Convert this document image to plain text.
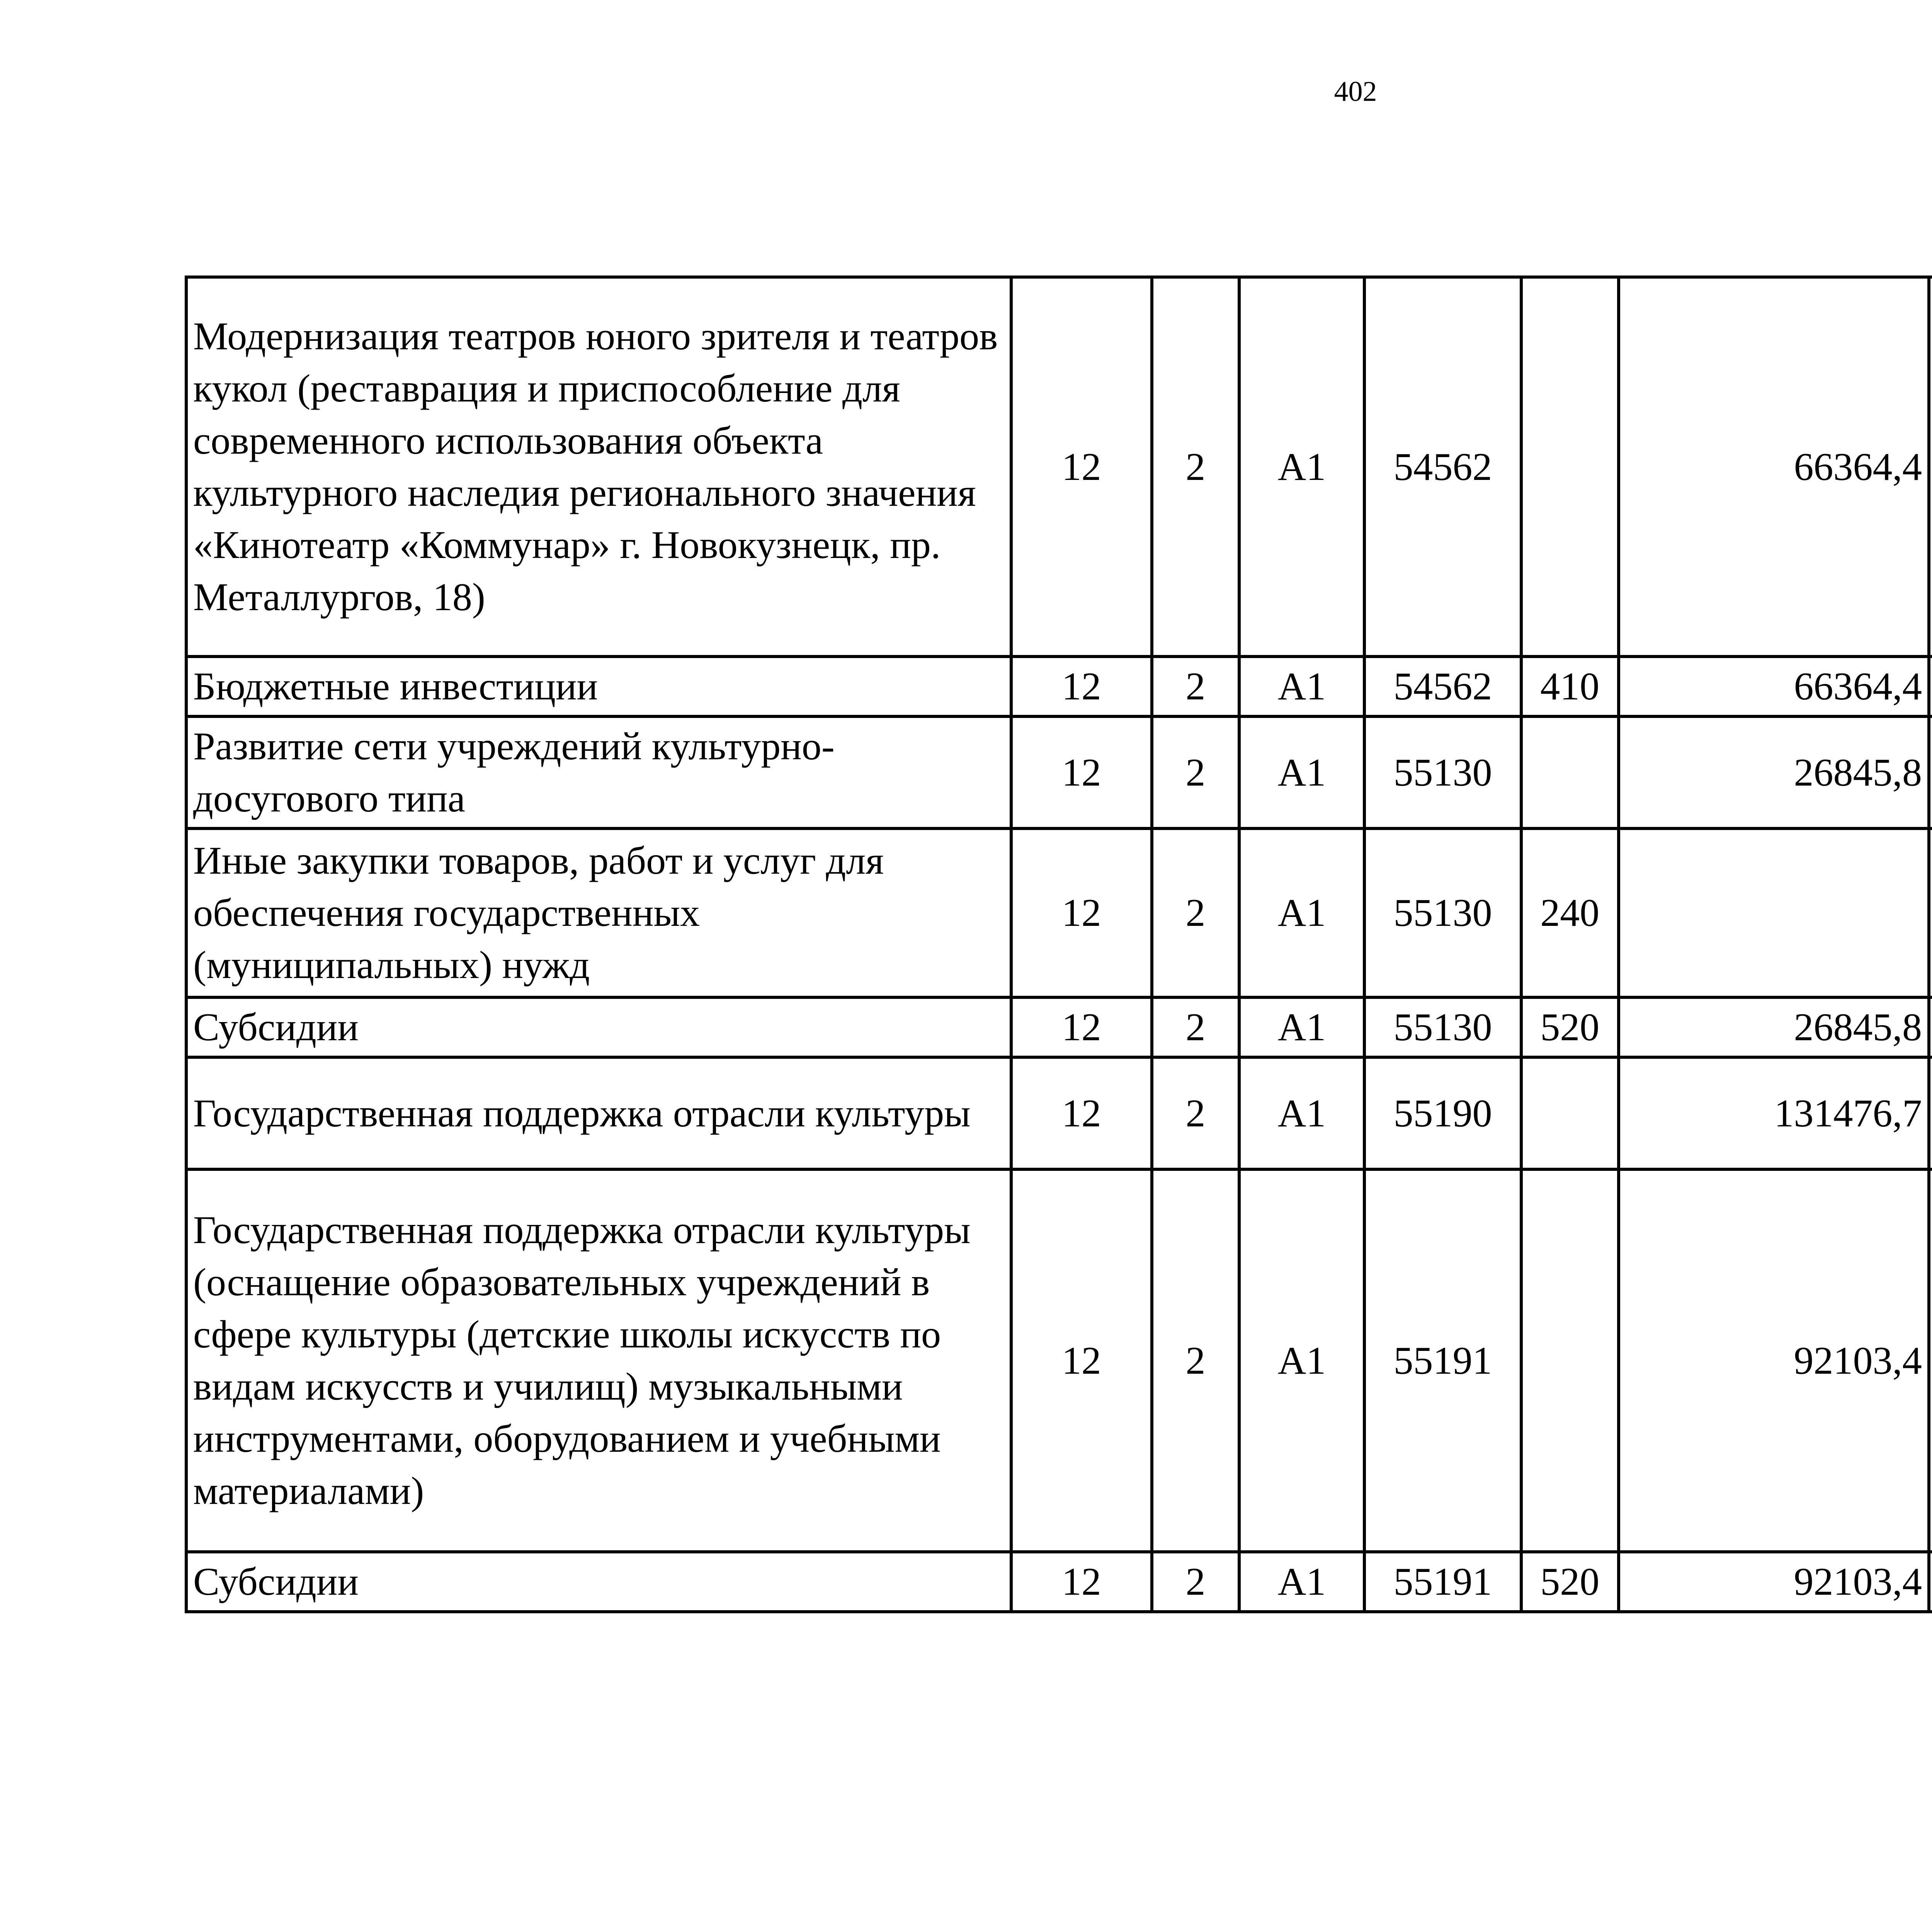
402
Модернизация театров юного зрителя и театров кукол (реставрация и приспособление для современного использования объекта культурного наследия регионального значения «Кинотеатр «Коммунар» г. Новокузнецк, пр. Металлургов, 18)	12	2	А1	54562		66364,4		
Бюджетные инвестиции	12	2	А1	54562	410	66364,4		
Развитие сети учреждений культурно-досугового типа	12	2	А1	55130		26845,8		
Иные закупки товаров, работ и услуг для обеспечения государственных (муниципальных) нужд	12	2	А1	55130	240			
Субсидии	12	2	А1	55130	520	26845,8		
Государственная поддержка отрасли культуры	12	2	А1	55190		131476,7		
Государственная поддержка отрасли культуры (оснащение образовательных учреждений в сфере культуры (детские школы искусств по видам искусств и училищ) музыкальными инструментами, оборудованием и учебными материалами)	12	2	А1	55191		92103,4		
Субсидии	12	2	А1	55191	520	92103,4		
